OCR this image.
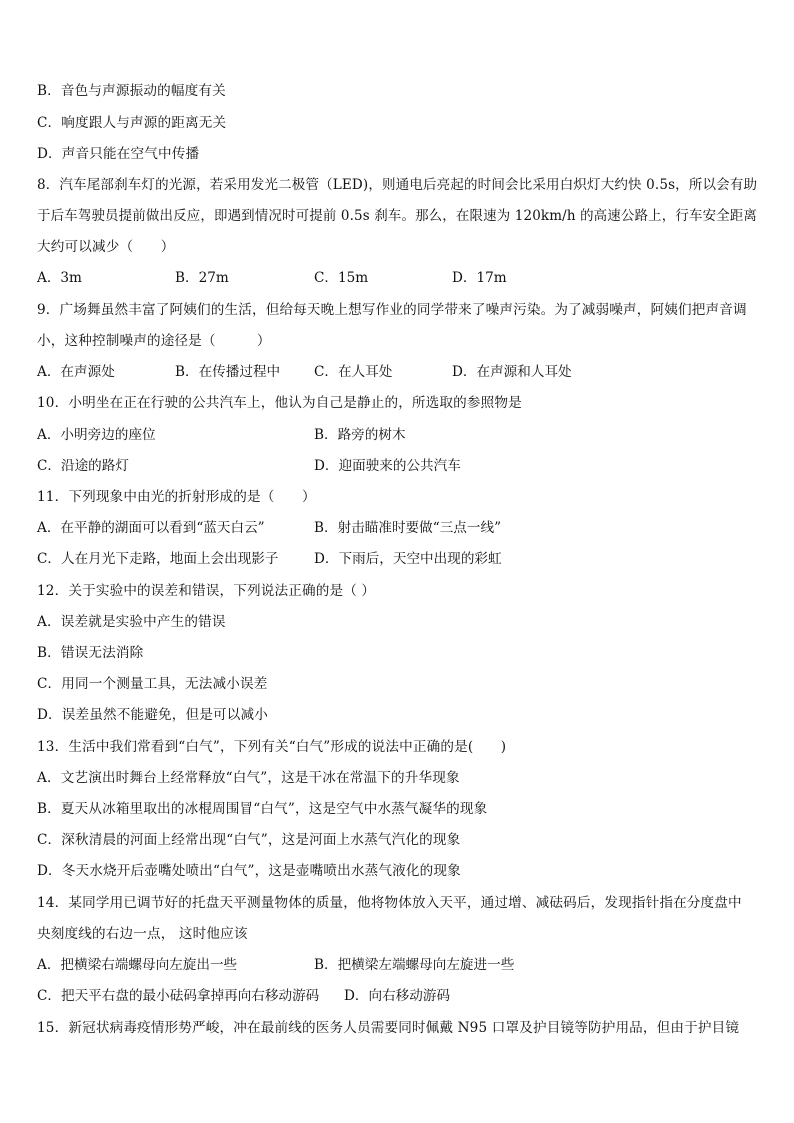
B．音色与声源振动的幅度有关
C．响度跟人与声源的距离无关
D．声音只能在空气中传播
8．汽车尾部刹车灯的光源，若采用发光二极管（LED)，则通电后亮起的时间会比采用白炽灯大约快 0.5s，所以会有助
于后车驾驶员提前做出反应，即遇到情况时可提前 0.5s 刹车。那么，在限速为 120km/h 的高速公路上，行车安全距离
大约可以减少（　　）
A．3m	B．27m	C．15m	D．17m
9．广场舞虽然丰富了阿姨们的生活，但给每天晚上想写作业的同学带来了噪声污染。为了减弱噪声，阿姨们把声音调
小，这种控制噪声的途径是（　　　）
A．在声源处	B．在传播过程中 C．在人耳处	D．在声源和人耳处
10．小明坐在正在行驶的公共汽车上，他认为自己是静止的，所选取的参照物是
A．小明旁边的座位	B．路旁的树木
C．沿途的路灯	D．迎面驶来的公共汽车
11．下列现象中由光的折射形成的是（　　）
A．在平静的湖面可以看到“蓝天白云”	B．射击瞄准时要做“三点一线”
C．人在月光下走路，地面上会出现影子	D．下雨后，天空中出现的彩虹
12．关于实验中的误差和错误，下列说法正确的是（ ）
A．误差就是实验中产生的错误
B．错误无法消除
C．用同一个测量工具，无法减小误差
D．误差虽然不能避免，但是可以减小
13．生活中我们常看到“白气”，下列有关“白气”形成的说法中正确的是(　　)
A．文艺演出时舞台上经常释放“白气”，这是干冰在常温下的升华现象
B．夏天从冰箱里取出的冰棍周围冒“白气”，这是空气中水蒸气凝华的现象
C．深秋清晨的河面上经常出现“白气”，这是河面上水蒸气汽化的现象
D．冬天水烧开后壶嘴处喷出“白气”，这是壶嘴喷出水蒸气液化的现象
14．某同学用已调节好的托盘天平测量物体的质量，他将物体放入天平，通过增、减砝码后，发现指针指在分度盘中
央刻度线的右边一点， 这时他应该
A．把横梁右端螺母向左旋出一些	B．把横梁左端螺母向左旋进一些
C．把天平右盘的最小砝码拿掉再向右移动游码 D．向右移动游码
15．新冠状病毒疫情形势严峻，冲在最前线的医务人员需要同时佩戴 N95 口罩及护目镜等防护用品，但由于护目镜
